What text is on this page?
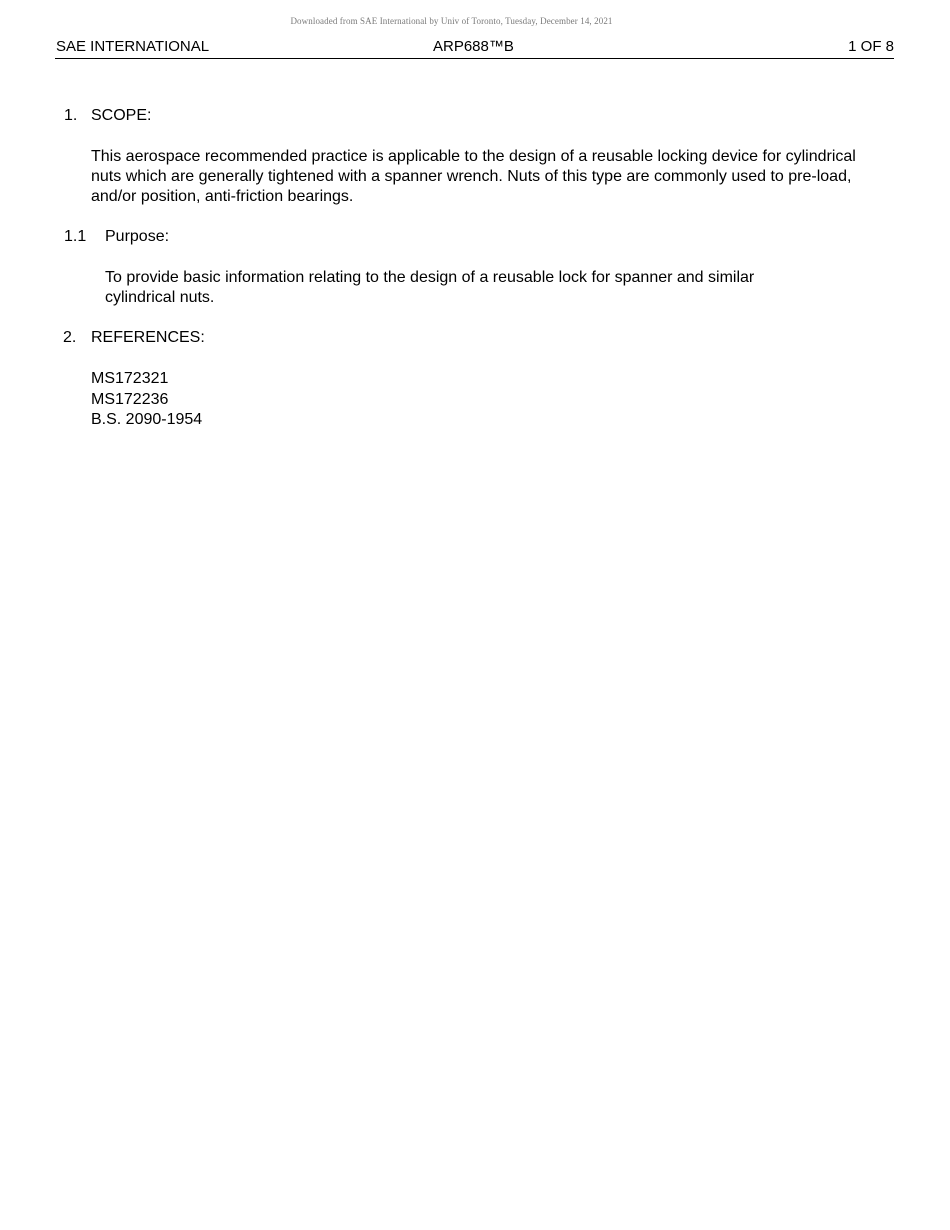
Downloaded from SAE International by Univ of Toronto, Tuesday, December 14, 2021
SAE INTERNATIONAL	ARP688™B	1 OF 8
1. SCOPE:
This aerospace recommended practice is applicable to the design of a reusable locking device for cylindrical nuts which are generally tightened with a spanner wrench. Nuts of this type are commonly used to pre-load, and/or position, anti-friction bearings.
1.1 Purpose:
To provide basic information relating to the design of a reusable lock for spanner and similar cylindrical nuts.
2. REFERENCES:
MS172321
MS172236
B.S. 2090-1954
